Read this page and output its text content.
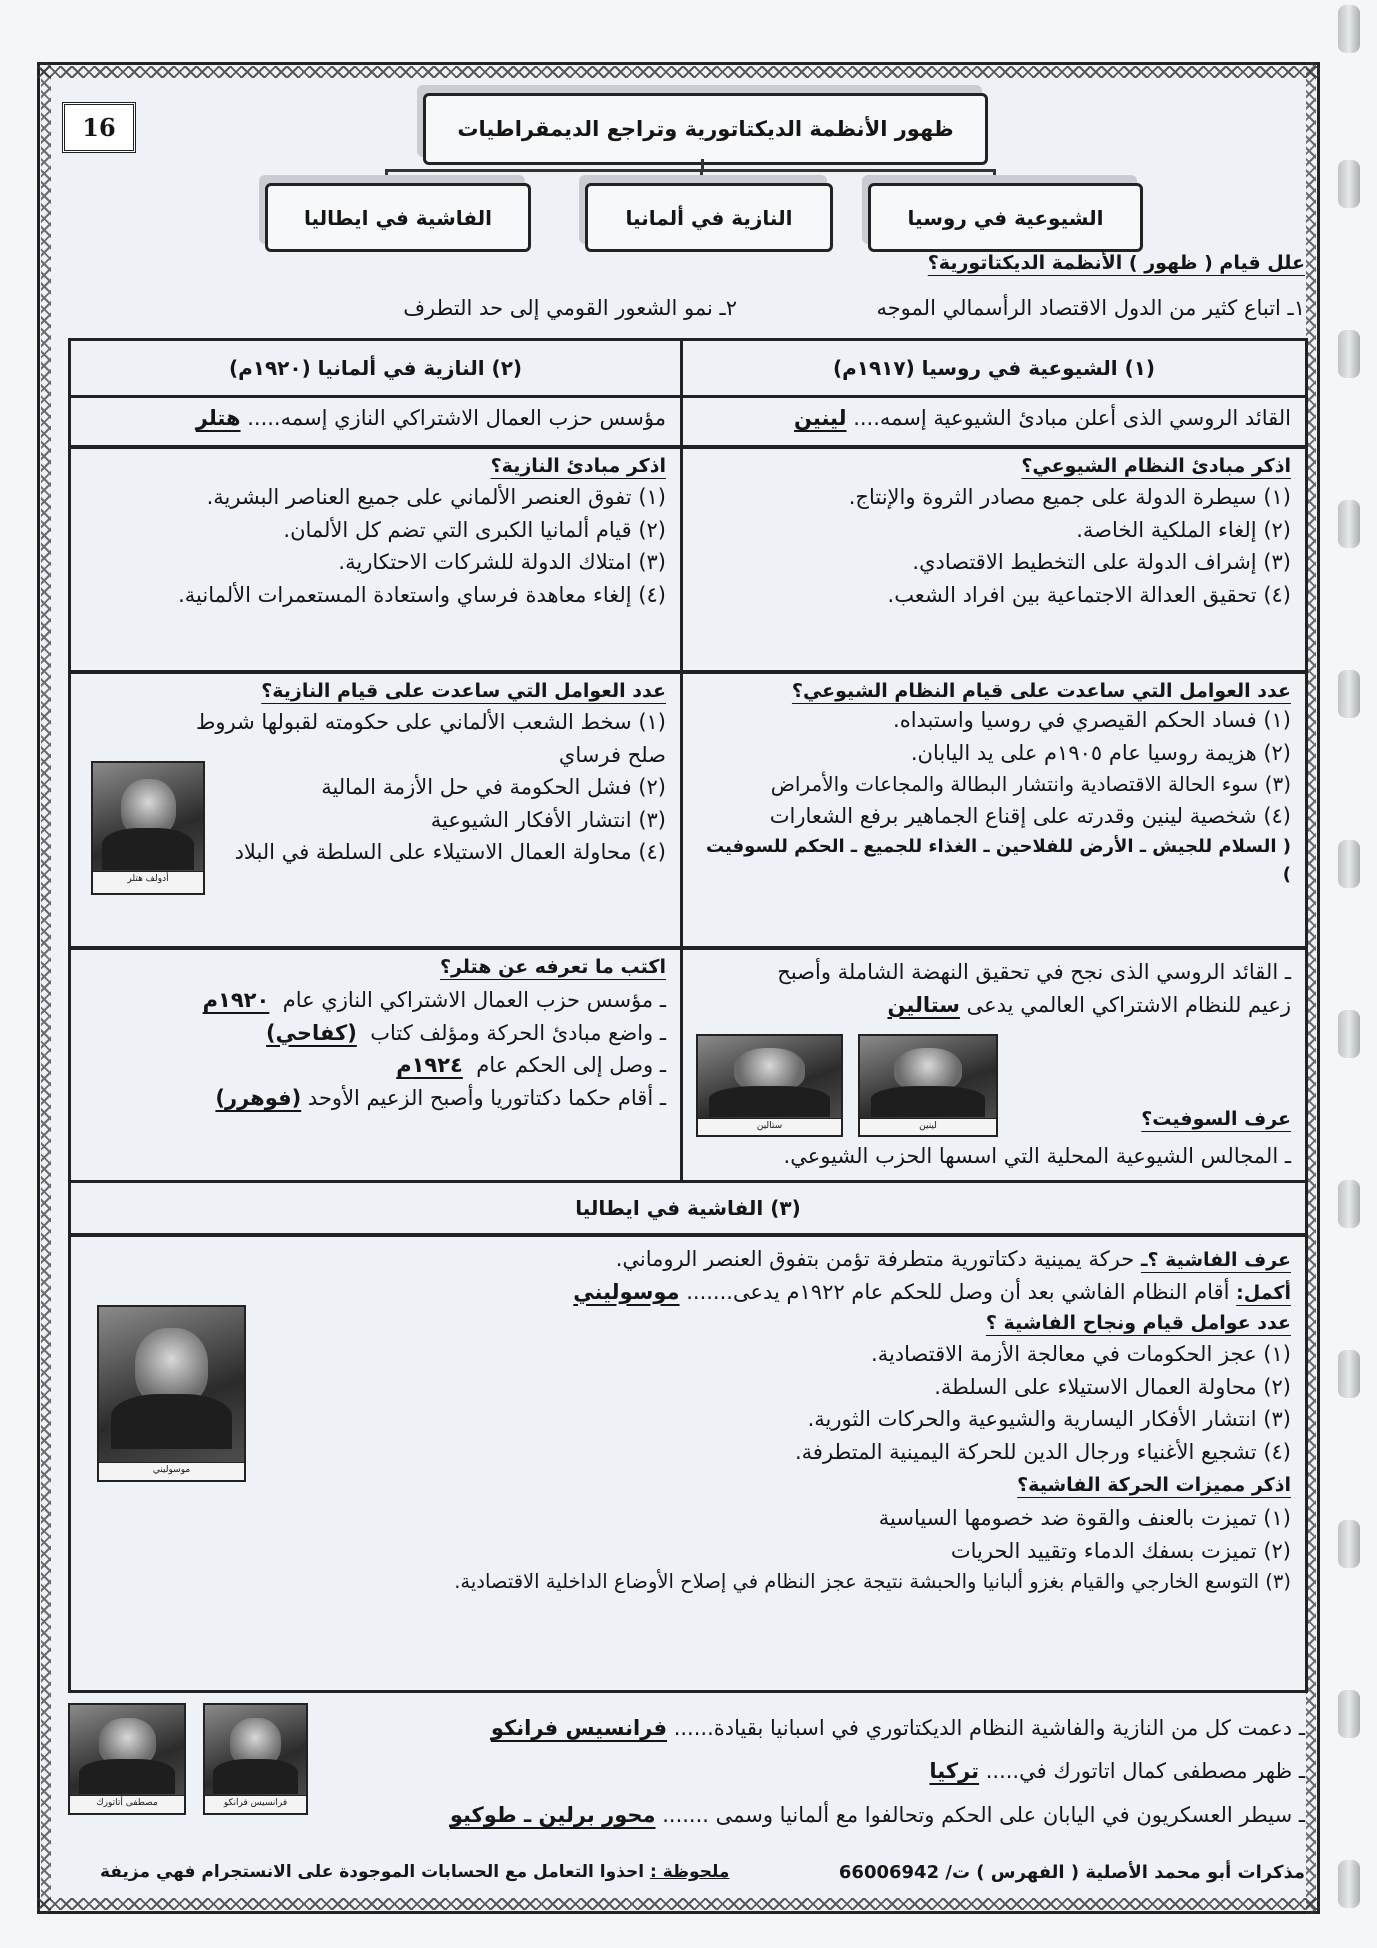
16	ظهور الأنظمة الديكتاتورية وتراجع الديمقراطيات
الشيوعية في روسيا
النازية في ألمانيا
الفاشية في ايطاليا
علل قيام ( ظهور ) الأنظمة الديكتاتورية؟
١ـ اتباع كثير من الدول الاقتصاد الرأسمالي الموجه
٢ـ نمو الشعور القومي إلى حد التطرف
(١) الشيوعية في روسيا (١٩١٧م)
القائد الروسي الذى أعلن مبادئ الشيوعية إسمه.... لينين
اذكر مبادئ النظام الشيوعي؟
(١) سيطرة الدولة على جميع مصادر الثروة والإنتاج.
(٢) إلغاء الملكية الخاصة.
(٣) إشراف الدولة على التخطيط الاقتصادي.
(٤) تحقيق العدالة الاجتماعية بين افراد الشعب.
عدد العوامل التي ساعدت على قيام النظام الشيوعي؟
(١) فساد الحكم القيصري في روسيا واستبداه.
(٢) هزيمة روسيا عام ١٩٠٥م على يد اليابان.
(٣) سوء الحالة الاقتصادية وانتشار البطالة والمجاعات والأمراض
(٤) شخصية لينين وقدرته على إقناع الجماهير برفع الشعارات
( السلام للجيش ـ الأرض للفلاحين ـ الغذاء للجميع ـ الحكم للسوفيت )
ـ القائد الروسي الذى نجح في تحقيق النهضة الشاملة وأصبح
زعيم للنظام الاشتراكي العالمي يدعى ستالين
عرف السوفيت؟
ـ المجالس الشيوعية المحلية التي اسسها الحزب الشيوعي.
(٢) النازية في ألمانيا (١٩٢٠م)
مؤسس حزب العمال الاشتراكي النازي إسمه..... هتلر
اذكر مبادئ النازية؟
(١) تفوق العنصر الألماني على جميع العناصر البشرية.
(٢) قيام ألمانيا الكبرى التي تضم كل الألمان.
(٣) امتلاك الدولة للشركات الاحتكارية.
(٤) إلغاء معاهدة فرساي واستعادة المستعمرات الألمانية.
عدد العوامل التي ساعدت على قيام النازية؟
(١) سخط الشعب الألماني على حكومته لقبولها شروط
صلح فرساي
(٢) فشل الحكومة في حل الأزمة المالية
(٣) انتشار الأفكار الشيوعية
(٤) محاولة العمال الاستيلاء على السلطة في البلاد
اكتب ما تعرفه عن هتلر؟
ـ مؤسس حزب العمال الاشتراكي النازي عام  ١٩٢٠م
ـ واضع مبادئ الحركة ومؤلف كتاب  (كفاحي)
ـ وصل إلى الحكم عام  ١٩٢٤م
ـ أقام حكما دكتاتوريا وأصبح الزعيم الأوحد (فوهرر)
أدولف هتلر
لينين
ستالين
(٣) الفاشية في ايطاليا
عرف الفاشية ؟ـ حركة يمينية دكتاتورية متطرفة تؤمن بتفوق العنصر الروماني.
أكمل: أقام النظام الفاشي بعد أن وصل للحكم عام ١٩٢٢م يدعى....... موسوليني
عدد عوامل قيام ونجاح الفاشية ؟
(١) عجز الحكومات في معالجة الأزمة الاقتصادية.
(٢) محاولة العمال الاستيلاء على السلطة.
(٣) انتشار الأفكار اليسارية والشيوعية والحركات الثورية.
(٤) تشجيع الأغنياء ورجال الدين للحركة اليمينية المتطرفة.
اذكر مميزات الحركة الفاشية؟
(١) تميزت بالعنف والقوة ضد خصومها السياسية
(٢) تميزت بسفك الدماء وتقييد الحريات
(٣) التوسع الخارجي والقيام بغزو ألبانيا والحبشة نتيجة عجز النظام في إصلاح الأوضاع الداخلية الاقتصادية.
موسوليني
ـ دعمت كل من النازية والفاشية النظام الديكتاتوري في اسبانيا بقيادة...... فرانسيس فرانكو
ـ ظهر مصطفى كمال اتاتورك في..... تركيا
ـ سيطر العسكريون في اليابان على الحكم وتحالفوا مع ألمانيا وسمى ....... محور برلين ـ طوكيو
فرانسيس فرانكو
مصطفى أتاتورك
مذكرات أبو محمد الأصلية ( الفهرس ) ت/ 66006942
ملحوظة : احذوا التعامل مع الحسابات الموجودة على الانستجرام فهي مزيفة
